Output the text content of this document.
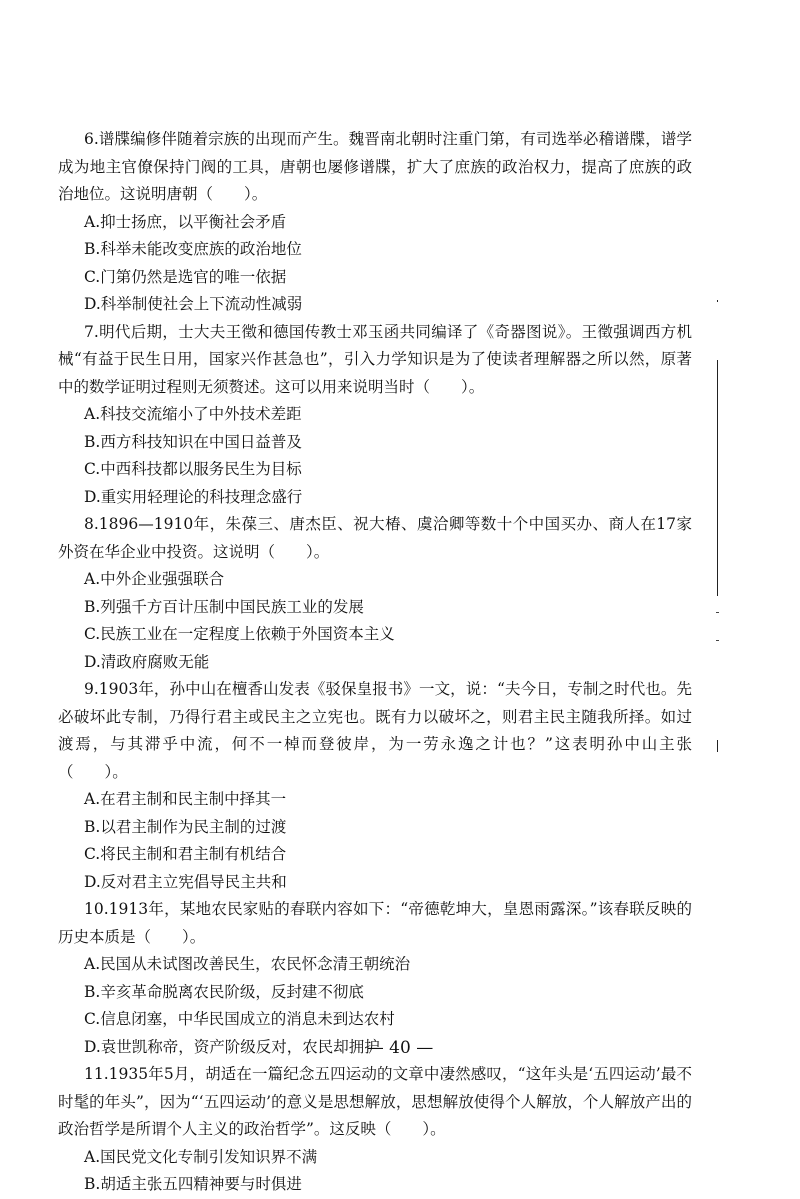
6.谱牒编修伴随着宗族的出现而产生。魏晋南北朝时注重门第，有司选举必稽谱牒，谱学成为地主官僚保持门阀的工具，唐朝也屡修谱牒，扩大了庶族的政治权力，提高了庶族的政治地位。这说明唐朝（　　）。

A.抑士扬庶，以平衡社会矛盾

B.科举未能改变庶族的政治地位

C.门第仍然是选官的唯一依据

D.科举制使社会上下流动性减弱

7.明代后期，士大夫王徵和德国传教士邓玉函共同编译了《奇器图说》。王徵强调西方机械“有益于民生日用，国家兴作甚急也”，引入力学知识是为了使读者理解器之所以然，原著中的数学证明过程则无须赘述。这可以用来说明当时（　　）。

A.科技交流缩小了中外技术差距

B.西方科技知识在中国日益普及

C.中西科技都以服务民生为目标

D.重实用轻理论的科技理念盛行

8.1896—1910年，朱葆三、唐杰臣、祝大椿、虞洽卿等数十个中国买办、商人在17家外资在华企业中投资。这说明（　　）。

A.中外企业强强联合

B.列强千方百计压制中国民族工业的发展

C.民族工业在一定程度上依赖于外国资本主义

D.清政府腐败无能

9.1903年，孙中山在檀香山发表《驳保皇报书》一文，说：“夫今日，专制之时代也。先必破坏此专制，乃得行君主或民主之立宪也。既有力以破坏之，则君主民主随我所择。如过渡焉，与其滞乎中流，何不一棹而登彼岸，为一劳永逸之计也？”这表明孙中山主张（　　）。

A.在君主制和民主制中择其一

B.以君主制作为民主制的过渡

C.将民主制和君主制有机结合

D.反对君主立宪倡导民主共和

10.1913年，某地农民家贴的春联内容如下：“帝德乾坤大，皇恩雨露深。”该春联反映的历史本质是（　　）。

A.民国从未试图改善民生，农民怀念清王朝统治

B.辛亥革命脱离农民阶级，反封建不彻底

C.信息闭塞，中华民国成立的消息未到达农村

D.袁世凯称帝，资产阶级反对，农民却拥护

11.1935年5月，胡适在一篇纪念五四运动的文章中凄然感叹，“这年头是‘五四运动’最不时髦的年头”，因为“‘五四运动’的意义是思想解放，思想解放使得个人解放，个人解放产出的政治哲学是所谓个人主义的政治哲学”。这反映（　　）。

A.国民党文化专制引发知识界不满

B.胡适主张五四精神要与时俱进

— 40 —
